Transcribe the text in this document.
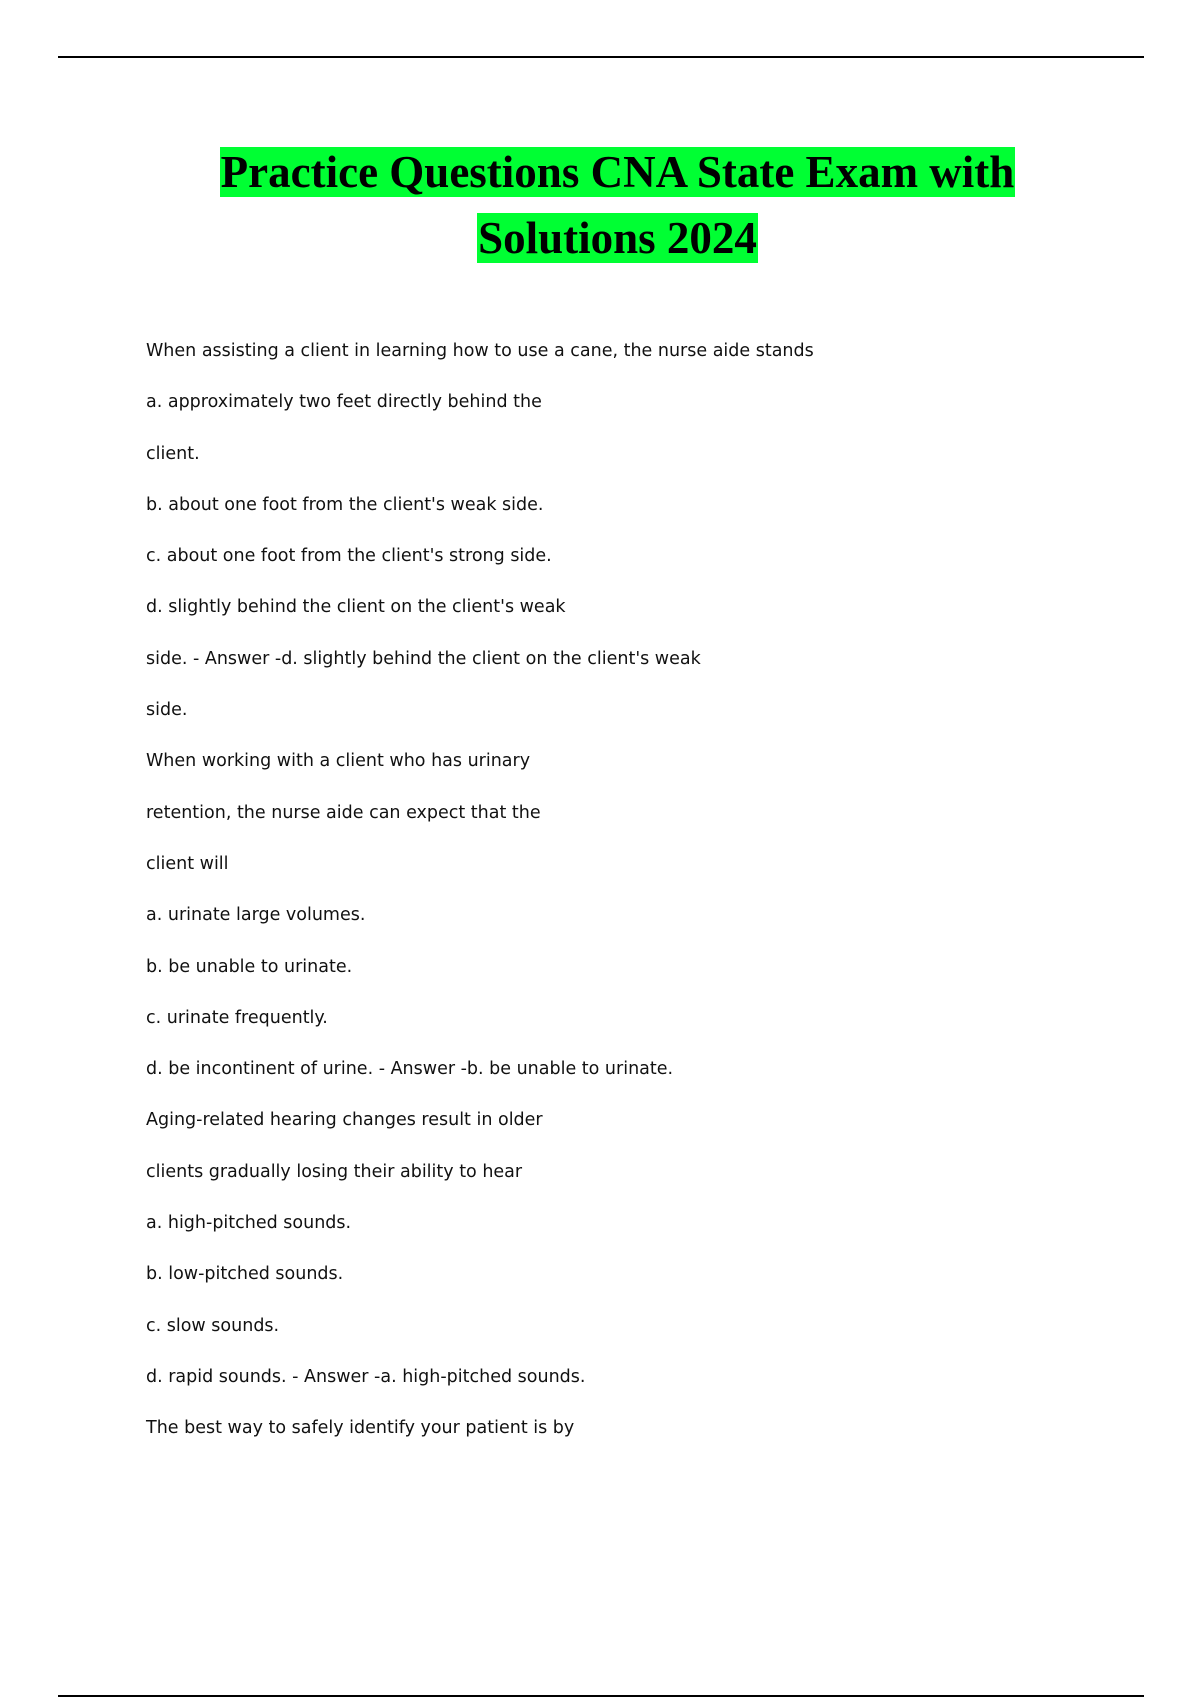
Practice Questions CNA State Exam with
Solutions 2024
When assisting a client in learning how to use a cane, the nurse aide stands
a. approximately two feet directly behind the
client.
b. about one foot from the client's weak side.
c. about one foot from the client's strong side.
d. slightly behind the client on the client's weak
side. - Answer -d. slightly behind the client on the client's weak
side.
When working with a client who has urinary
retention, the nurse aide can expect that the
client will
a. urinate large volumes.
b. be unable to urinate.
c. urinate frequently.
d. be incontinent of urine. - Answer -b. be unable to urinate.
Aging-related hearing changes result in older
clients gradually losing their ability to hear
a. high-pitched sounds.
b. low-pitched sounds.
c. slow sounds.
d. rapid sounds. - Answer -a. high-pitched sounds.
The best way to safely identify your patient is by
